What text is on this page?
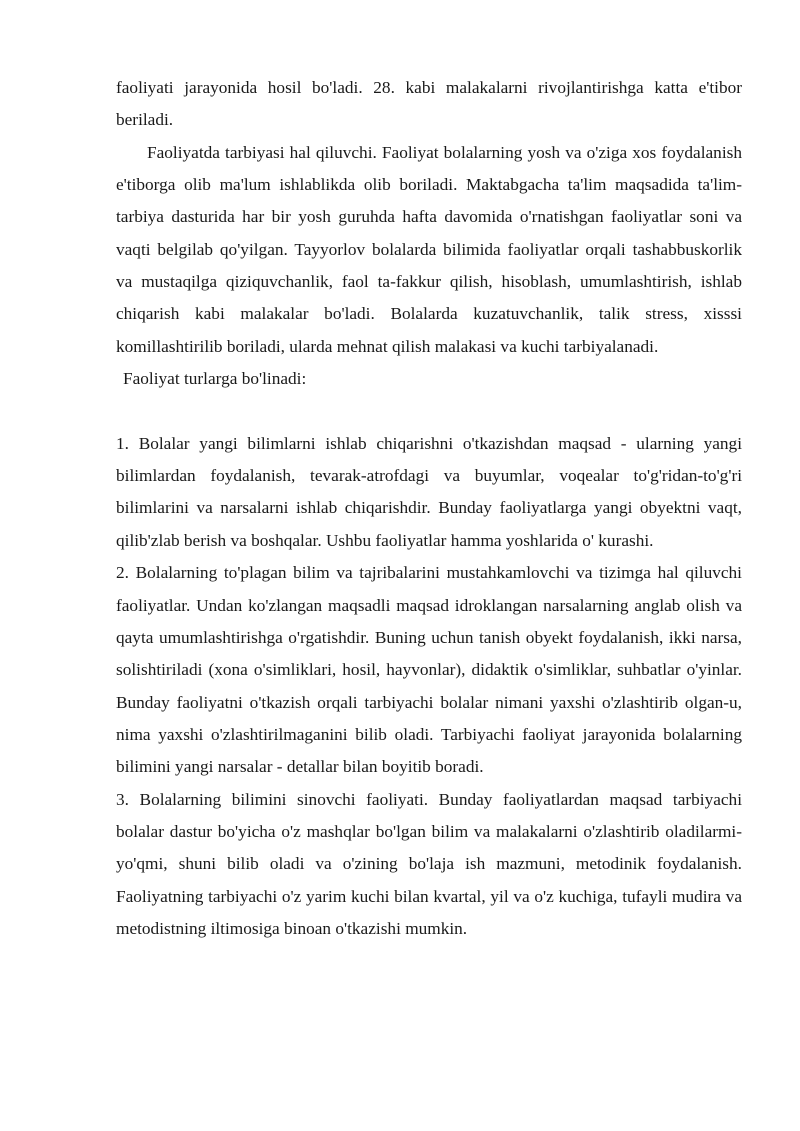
faoliyati jarayonida hosil bo'ladi. 28. kabi malakalarni rivojlantirishga katta e'tibor beriladi.

Faoliyatda tarbiyasi hal qiluvchi. Faoliyat bolalarning yosh va o'ziga xos foydalanish e'tiborga olib ma'lum ishlablikda olib boriladi. Maktabgacha ta'lim maqsadida ta'lim-tarbiya dasturida har bir yosh guruhda hafta davomida o'rnatishgan faoliyatlar soni va vaqti belgilab qo'yilgan. Tayyorlov bolalarda bilimida faoliyatlar orqali tashabbuskorlik va mustaqilga qiziquvchanlik, faol ta-fakkur qilish, hisoblash, umumlashtirish, ishlab chiqarish kabi malakalar bo'ladi. Bolalarda kuzatuvchanlik, talik stress, xisssi komillashtirilib boriladi, ularda mehnat qilish malakasi va kuchi tarbiyalanadi.

Faoliyat turlarga bo'linadi:

1. Bolalar yangi bilimlarni ishlab chiqarishni o'tkazishdan maqsad - ularning yangi bilimlardan foydalanish, tevarak-atrofdagi va buyumlar, voqealar to'g'ridan-to'g'ri bilimlarini va narsalarni ishlab chiqarishdir. Bunday faoliyatlarga yangi obyektni vaqt, qilib'zlab berish va boshqalar. Ushbu faoliyatlar hamma yoshlarida o' kurashi.

2. Bolalarning to'plagan bilim va tajribalarini mustahkamlovchi va tizimga hal qiluvchi faoliyatlar. Undan ko'zlangan maqsadli maqsad idroklangan narsalarning anglab olish va qayta umumlashtirishga o'rgatishdir. Buning uchun tanish obyekt foydalanish, ikki narsa, solishtiriladi (xona o'simliklari, hosil, hayvonlar), didaktik o'simliklar, suhbatlar o'yinlar. Bunday faoliyatni o'tkazish orqali tarbiyachi bolalar nimani yaxshi o'zlashtirib olgan-u, nima yaxshi o'zlashtirilmaganini bilib oladi. Tarbiyachi faoliyat jarayonida bolalarning bilimini yangi narsalar - detallar bilan boyitib boradi.

3. Bolalarning bilimini sinovchi faoliyati. Bunday faoliyatlardan maqsad tarbiyachi bolalar dastur bo'yicha o'z mashqlar bo'lgan bilim va malakalarni o'zlashtirib oladilarmi-yo'qmi, shuni bilib oladi va o'zining bo'laja ish mazmuni, metodinik foydalanish. Faoliyatning tarbiyachi o'z yarim kuchi bilan kvartal, yil va o'z kuchiga, tufayli mudira va metodistning iltimosiga binoan o'tkazishi mumkin.
